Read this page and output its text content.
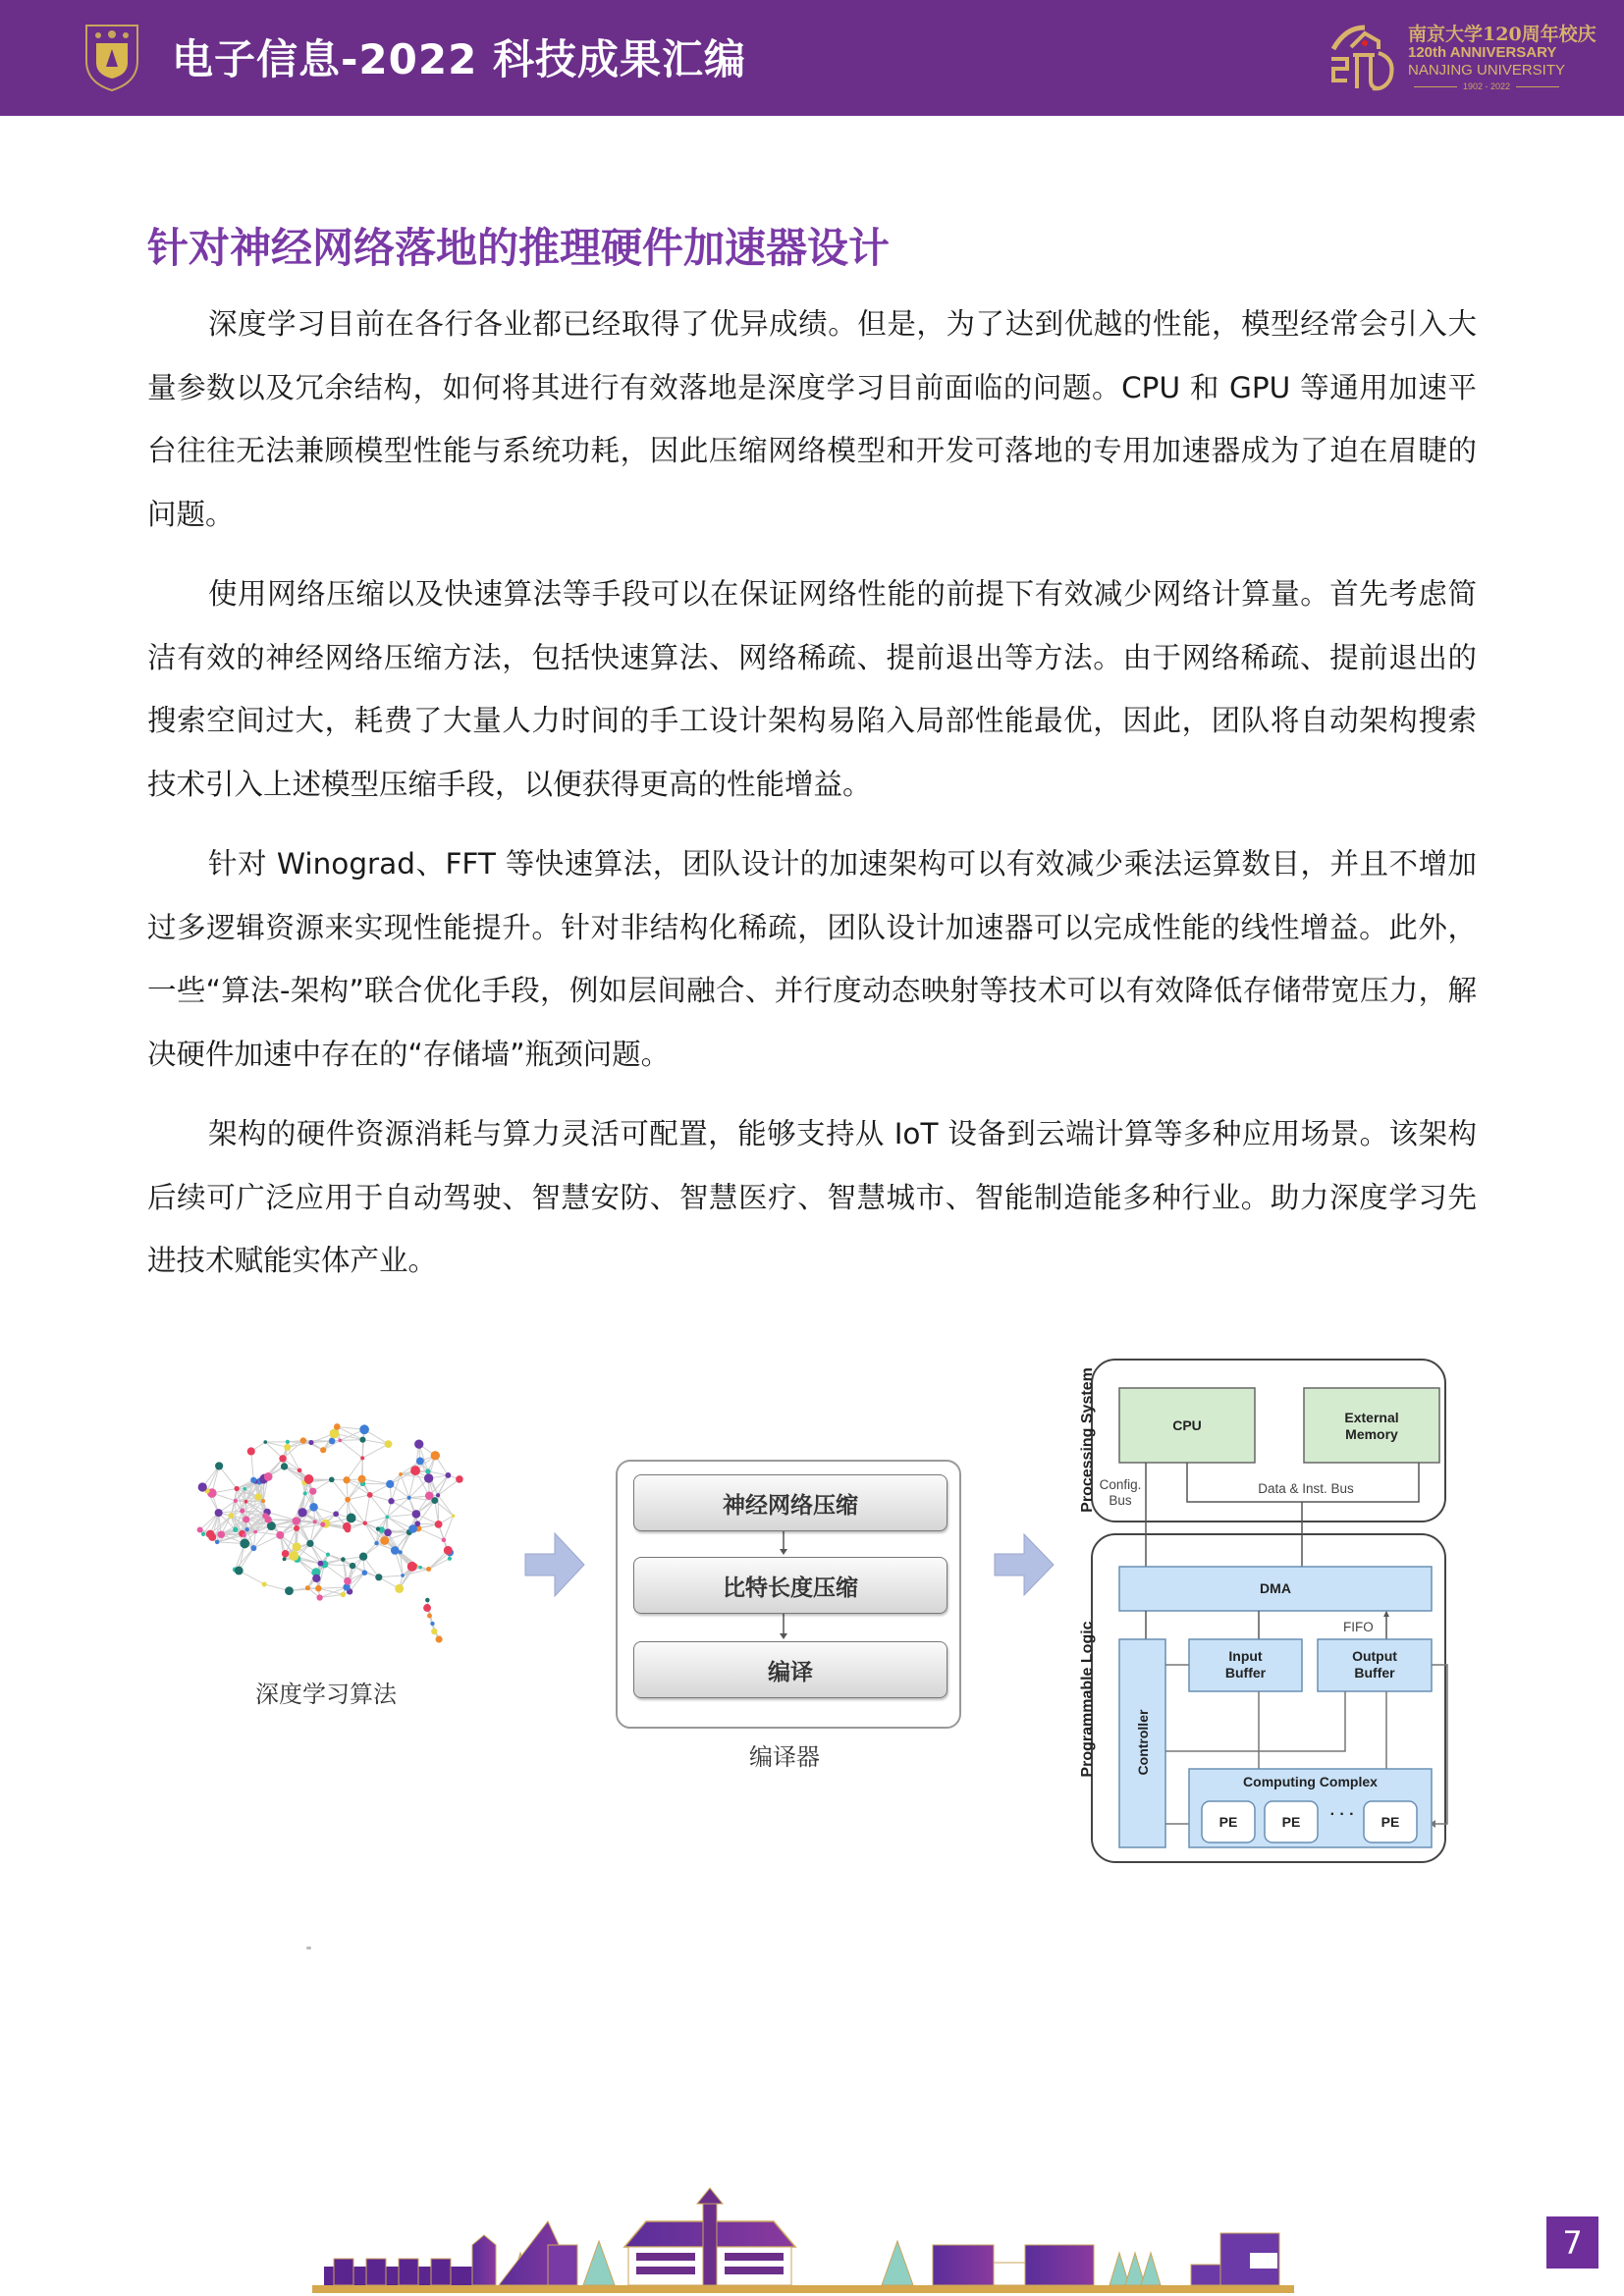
电子信息-2022 科技成果汇编
南京大学120周年校庆
120th ANNIVERSARY
NANJING UNIVERSITY
1902 - 2022
针对神经网络落地的推理硬件加速器设计

深度学习目前在各行各业都已经取得了优异成绩。但是，为了达到优越的性能，模型经常会引入大量参数以及冗余结构，如何将其进行有效落地是深度学习目前面临的问题。CPU 和 GPU 等通用加速平台往往无法兼顾模型性能与系统功耗，因此压缩网络模型和开发可落地的专用加速器成为了迫在眉睫的问题。

使用网络压缩以及快速算法等手段可以在保证网络性能的前提下有效减少网络计算量。首先考虑简洁有效的神经网络压缩方法，包括快速算法、网络稀疏、提前退出等方法。由于网络稀疏、提前退出的搜索空间过大，耗费了大量人力时间的手工设计架构易陷入局部性能最优，因此，团队将自动架构搜索技术引入上述模型压缩手段，以便获得更高的性能增益。

针对 Winograd、FFT 等快速算法，团队设计的加速架构可以有效减少乘法运算数目，并且不增加过多逻辑资源来实现性能提升。针对非结构化稀疏，团队设计加速器可以完成性能的线性增益。此外，一些“算法-架构”联合优化手段，例如层间融合、并行度动态映射等技术可以有效降低存储带宽压力，解决硬件加速中存在的“存储墙”瓶颈问题。

架构的硬件资源消耗与算力灵活可配置，能够支持从 IoT 设备到云端计算等多种应用场景。该架构后续可广泛应用于自动驾驶、智慧安防、智慧医疗、智慧城市、智能制造能多种行业。助力深度学习先进技术赋能实体产业。

深度学习算法
神经网络压缩
比特长度压缩
编译
编译器
Processing System
Programmable Logic
CPU	External Memory
Config. Bus
Data & Inst. Bus
DMA
FIFO
Input Buffer
Output Buffer
Controller
Computing Complex
PE	PE	· · ·	PE
7
